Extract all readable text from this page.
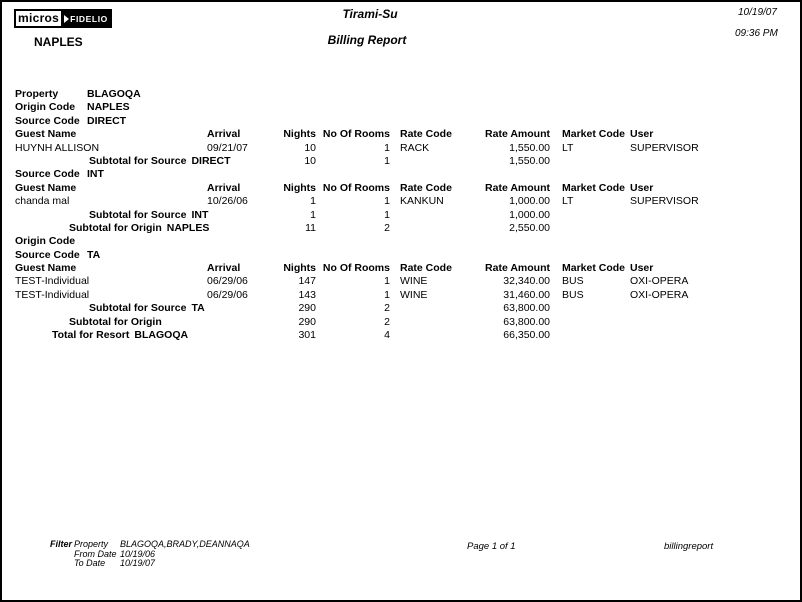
micros	FIDELIO
NAPLES
Tirami-Su
Billing Report
10/19/07
09:36 PM
Property	BLAGOQA
Origin Code NAPLES
Source Code DIRECT
Guest Name	Arrival	Nights No Of Rooms Rate Code	Rate Amount Market Code User
HUYNH ALLISON	09/21/07	10	1 RACK	1,550.00 LT	SUPERVISOR
Subtotal for Source DIRECT	10	1	1,550.00
Source Code INT
Guest Name	Arrival	Nights No Of Rooms Rate Code	Rate Amount Market Code User
chanda mal	10/26/06	1	1 KANKUN	1,000.00 LT	SUPERVISOR
Subtotal for Source INT	1	1	1,000.00
Subtotal for Origin NAPLES	11	2	2,550.00
Origin Code
Source Code TA
Guest Name	Arrival	Nights No Of Rooms Rate Code	Rate Amount Market Code User
TEST-Individual	06/29/06	147	1 WINE	32,340.00 BUS	OXI-OPERA
TEST-Individual	06/29/06	143	1 WINE	31,460.00 BUS	OXI-OPERA
Subtotal for Source TA	290	2	63,800.00
Subtotal for Origin	290	2	63,800.00
Total for Resort BLAGOQA	301	4	66,350.00
Filter Property BLAGOQA,BRADY,DEANNAQA
From Date 10/19/06
To Date 10/19/07
Page 1 of 1	billingreport
